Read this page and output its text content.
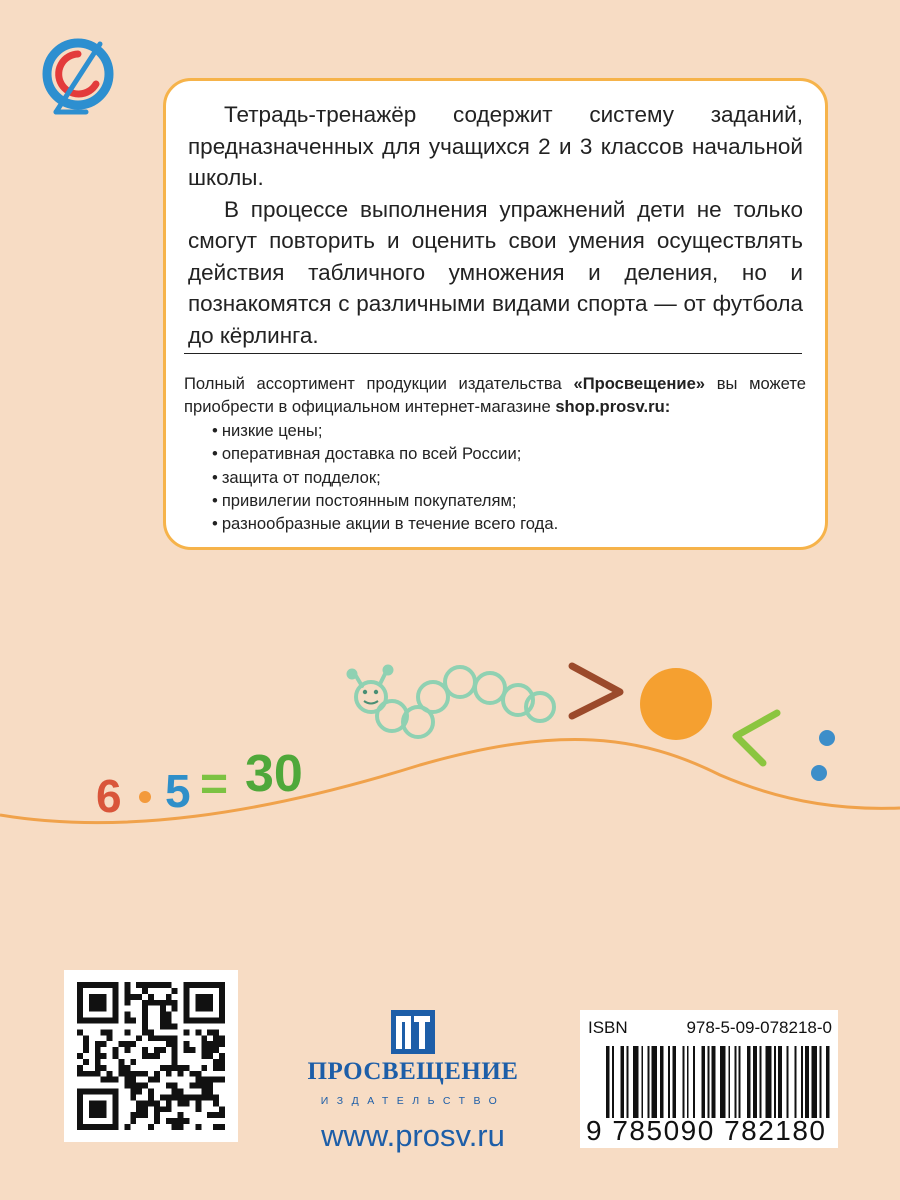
Тетрадь-тренажёр содержит систему заданий, предназначенных для учащихся 2 и 3 классов начальной школы.

В процессе выполнения упражнений дети не только смогут повторить и оценить свои умения осуществлять действия табличного умножения и деления, но и познакомятся с различными видами спорта — от футбола до кёрлинга.

Полный ассортимент продукции издательства «Просвещение» вы можете приобрести в официальном интернет-магазине shop.prosv.ru:

• низкие цены;
• оперативная доставка по всей России;
• защита от подделок;
• привилегии постоянным покупателям;
• разнообразные акции в течение всего года.
6 5 = 30
ПРОСВЕЩЕНИЕ
ИЗДАТЕЛЬСТВО
www.prosv.ru
ISBN	978-5-09-078218-0
9 785090 782180
